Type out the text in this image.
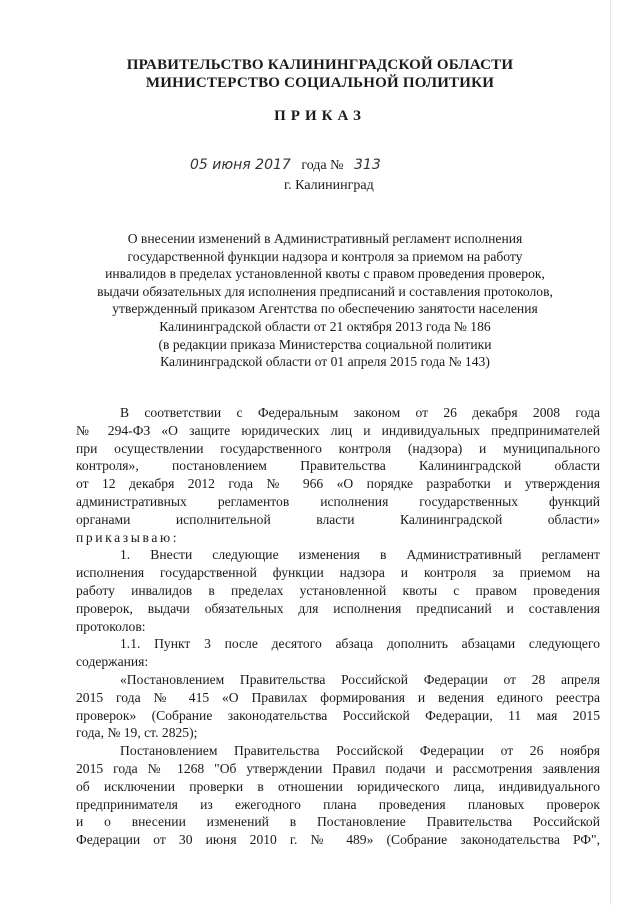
ПРАВИТЕЛЬСТВО КАЛИНИНГРАДСКОЙ ОБЛАСТИ
МИНИСТЕРСТВО СОЦИАЛЬНОЙ ПОЛИТИКИ
ПРИКАЗ
05 июня 2017 года № 313
г. Калининград
О внесении изменений в Административный регламент исполнения
государственной функции надзора и контроля за приемом на работу
инвалидов в пределах установленной квоты с правом проведения проверок,
выдачи обязательных для исполнения предписаний и составления протоколов,
утвержденный приказом Агентства по обеспечению занятости населения
Калининградской области от 21 октября 2013 года № 186
(в редакции приказа Министерства социальной политики
Калининградской области от 01 апреля 2015 года № 143)
В соответствии с Федеральным законом от 26 декабря 2008 года
№ 294-ФЗ «О защите юридических лиц и индивидуальных предпринимателей
при осуществлении государственного контроля (надзора) и муниципального
контроля», постановлением Правительства Калининградской области
от 12 декабря 2012 года № 966 «О порядке разработки и утверждения
административных регламентов исполнения государственных функций
органами исполнительной власти Калининградской области»
приказываю:
1. Внести следующие изменения в Административный регламент
исполнения государственной функции надзора и контроля за приемом на
работу инвалидов в пределах установленной квоты с правом проведения
проверок, выдачи обязательных для исполнения предписаний и составления
протоколов:
1.1. Пункт 3 после десятого абзаца дополнить абзацами следующего
содержания:
«Постановлением Правительства Российской Федерации от 28 апреля
2015 года № 415 «О Правилах формирования и ведения единого реестра
проверок» (Собрание законодательства Российской Федерации, 11 мая 2015
года, № 19, ст. 2825);
Постановлением Правительства Российской Федерации от 26 ноября
2015 года № 1268 "Об утверждении Правил подачи и рассмотрения заявления
об исключении проверки в отношении юридического лица, индивидуального
предпринимателя из ежегодного плана проведения плановых проверок
и о внесении изменений в Постановление Правительства Российской
Федерации от 30 июня 2010 г. № 489» (Собрание законодательства РФ",
